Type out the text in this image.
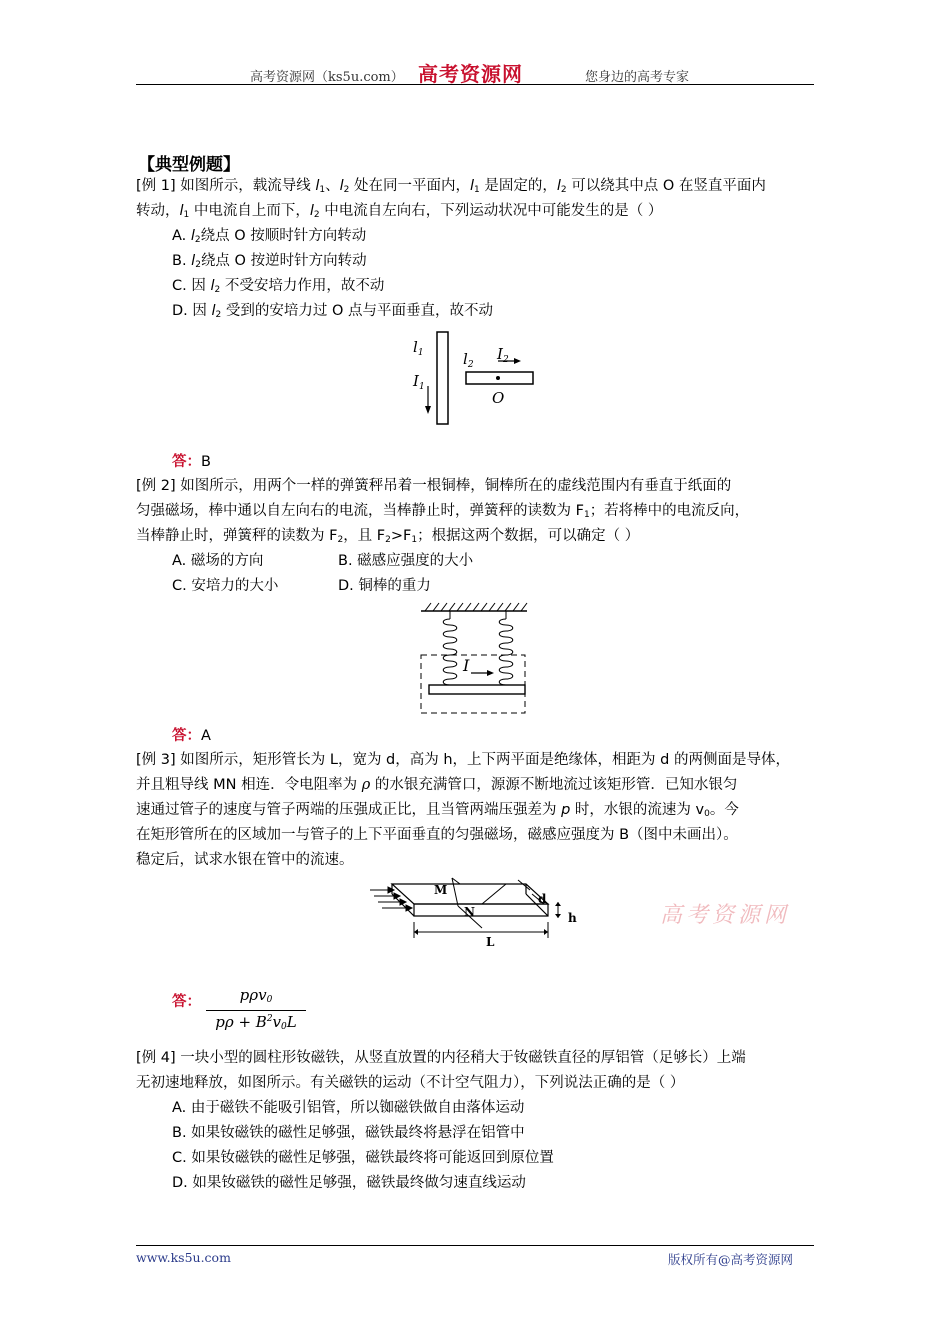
高考资源网（ks5u.com） 高考资源网	您身边的高考专家
【典型例题】
[例 1] 如图所示，载流导线 $l_1$、$l_2$ 处在同一平面内，$l_1$ 是固定的，$l_2$ 可以绕其中点 O 在竖直平面内
转动，$l_1$ 中电流自上而下，$l_2$ 中电流自左向右，下列运动状况中可能发生的是（ ）
A. $l_2$绕点 O 按顺时针方向转动
B. $l_2$绕点 O 按逆时针方向转动
C. 因 $l_2$ 不受安培力作用，故不动
D. 因 $l_2$ 受到的安培力过 O 点与平面垂直，故不动
$l_1$
$I_1$
$l_2$
$I_2$
O
答：B
[例 2] 如图所示，用两个一样的弹簧秤吊着一根铜棒，铜棒所在的虚线范围内有垂直于纸面的
匀强磁场，棒中通以自左向右的电流，当棒静止时，弹簧秤的读数为 $F_1$；若将棒中的电流反向，
当棒静止时，弹簧秤的读数为 $F_2$，且 $F_2>F_1$；根据这两个数据，可以确定（ ）
A. 磁场的方向	B. 磁感应强度的大小
C. 安培力的大小	D. 铜棒的重力
I
答：A
[例 3] 如图所示，矩形管长为 L，宽为 d，高为 h，上下两平面是绝缘体，相距为 d 的两侧面是导体，
并且粗导线 MN 相连．令电阻率为 ρ 的水银充满管口，源源不断地流过该矩形管．已知水银匀
速通过管子的速度与管子两端的压强成正比，且当管两端压强差为 p 时，水银的流速为 $v_0$。今
在矩形管所在的区域加一与管子的上下平面垂直的匀强磁场，磁感应强度为 B（图中未画出）。
稳定后，试求水银在管中的流速。
M
N
d
h
L
高考资源网
答：	pρv$_0$
$p\rho + B^2v_0L$
[例 4] 一块小型的圆柱形钕磁铁，从竖直放置的内径稍大于钕磁铁直径的厚铝管（足够长）上端
无初速地释放，如图所示。有关磁铁的运动（不计空气阻力），下列说法正确的是（ ）
A. 由于磁铁不能吸引铝管，所以铷磁铁做自由落体运动
B. 如果钕磁铁的磁性足够强，磁铁最终将悬浮在铝管中
C. 如果钕磁铁的磁性足够强，磁铁最终将可能返回到原位置
D. 如果钕磁铁的磁性足够强，磁铁最终做匀速直线运动
www.ks5u.com	版权所有@高考资源网
